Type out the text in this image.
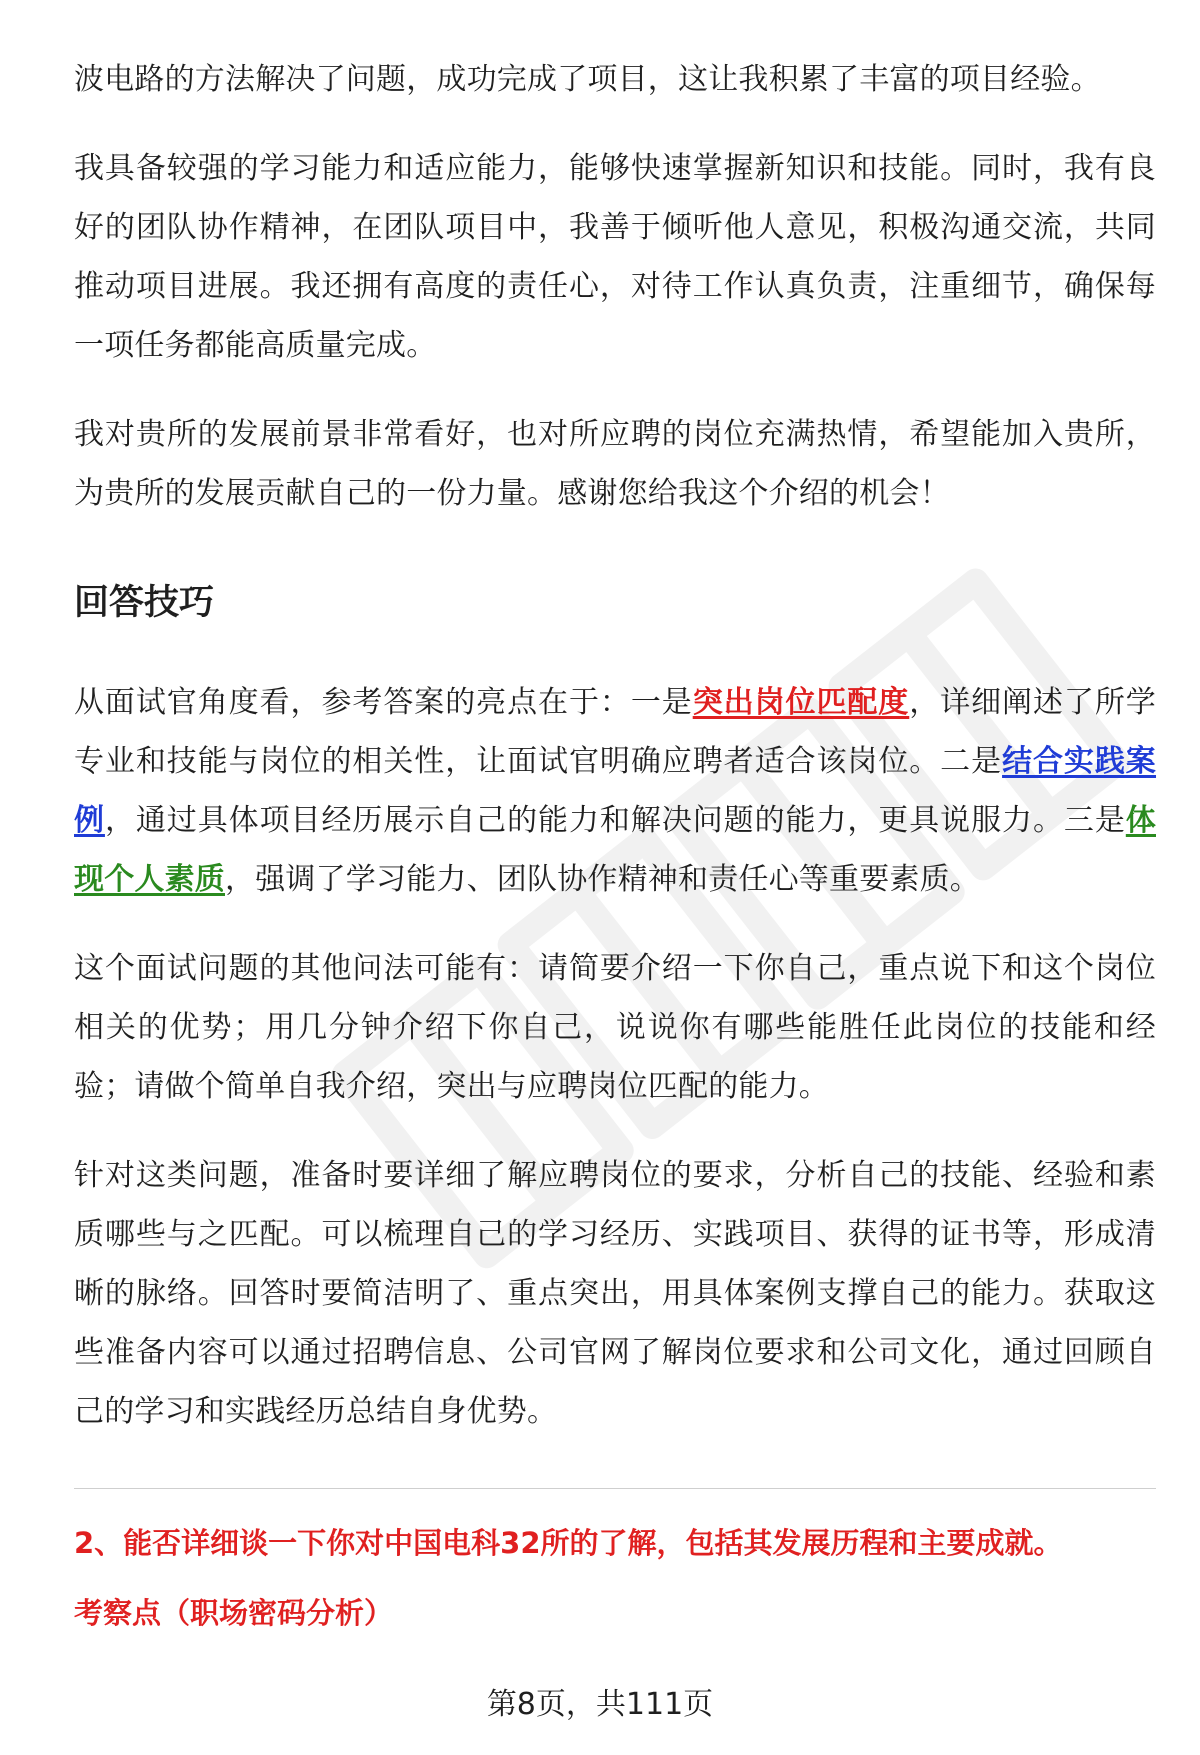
波电路的方法解决了问题，成功完成了项目，这让我积累了丰富的项目经验。

我具备较强的学习能力和适应能力，能够快速掌握新知识和技能。同时，我有良好的团队协作精神，在团队项目中，我善于倾听他人意见，积极沟通交流，共同推动项目进展。我还拥有高度的责任心，对待工作认真负责，注重细节，确保每一项任务都能高质量完成。

我对贵所的发展前景非常看好，也对所应聘的岗位充满热情，希望能加入贵所，为贵所的发展贡献自己的一份力量。感谢您给我这个介绍的机会！

回答技巧

从面试官角度看，参考答案的亮点在于：一是突出岗位匹配度，详细阐述了所学专业和技能与岗位的相关性，让面试官明确应聘者适合该岗位。二是结合实践案例，通过具体项目经历展示自己的能力和解决问题的能力，更具说服力。三是体现个人素质，强调了学习能力、团队协作精神和责任心等重要素质。

这个面试问题的其他问法可能有：请简要介绍一下你自己，重点说下和这个岗位相关的优势；用几分钟介绍下你自己，说说你有哪些能胜任此岗位的技能和经验；请做个简单自我介绍，突出与应聘岗位匹配的能力。

针对这类问题，准备时要详细了解应聘岗位的要求，分析自己的技能、经验和素质哪些与之匹配。可以梳理自己的学习经历、实践项目、获得的证书等，形成清晰的脉络。回答时要简洁明了、重点突出，用具体案例支撑自己的能力。获取这些准备内容可以通过招聘信息、公司官网了解岗位要求和公司文化，通过回顾自己的学习和实践经历总结自身优势。

2、能否详细谈一下你对中国电科32所的了解，包括其发展历程和主要成就。
考察点（职场密码分析）
第8页，共111页
